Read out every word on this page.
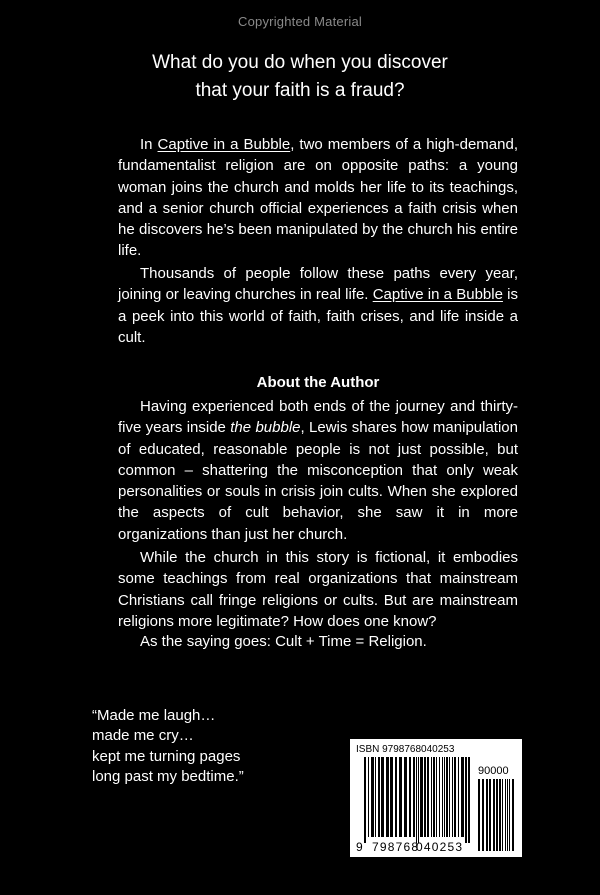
Copyrighted Material
What do you do when you discover
that your faith is a fraud?

In Captive in a Bubble, two members of a high-demand, fundamentalist religion are on opposite paths: a young woman joins the church and molds her life to its teachings, and a senior church official experiences a faith crisis when he discovers he’s been manipulated by the church his entire life.

Thousands of people follow these paths every year, joining or leaving churches in real life. Captive in a Bubble is a peek into this world of faith, faith crises, and life inside a cult.

About the Author

Having experienced both ends of the journey and thirty-five years inside the bubble, Lewis shares how manipulation of educated, reasonable people is not just possible, but common – shattering the misconception that only weak personalities or souls in crisis join cults. When she explored the aspects of cult behavior, she saw it in more organizations than just her church.

While the church in this story is fictional, it embodies some teachings from real organizations that mainstream Christians call fringe religions or cults. But are mainstream religions more legitimate? How does one know?

As the saying goes: Cult + Time = Religion.

“Made me laugh…
made me cry…
kept me turning pages
long past my bedtime.”
ISBN 9798768040253
90000
9 798768
040253
